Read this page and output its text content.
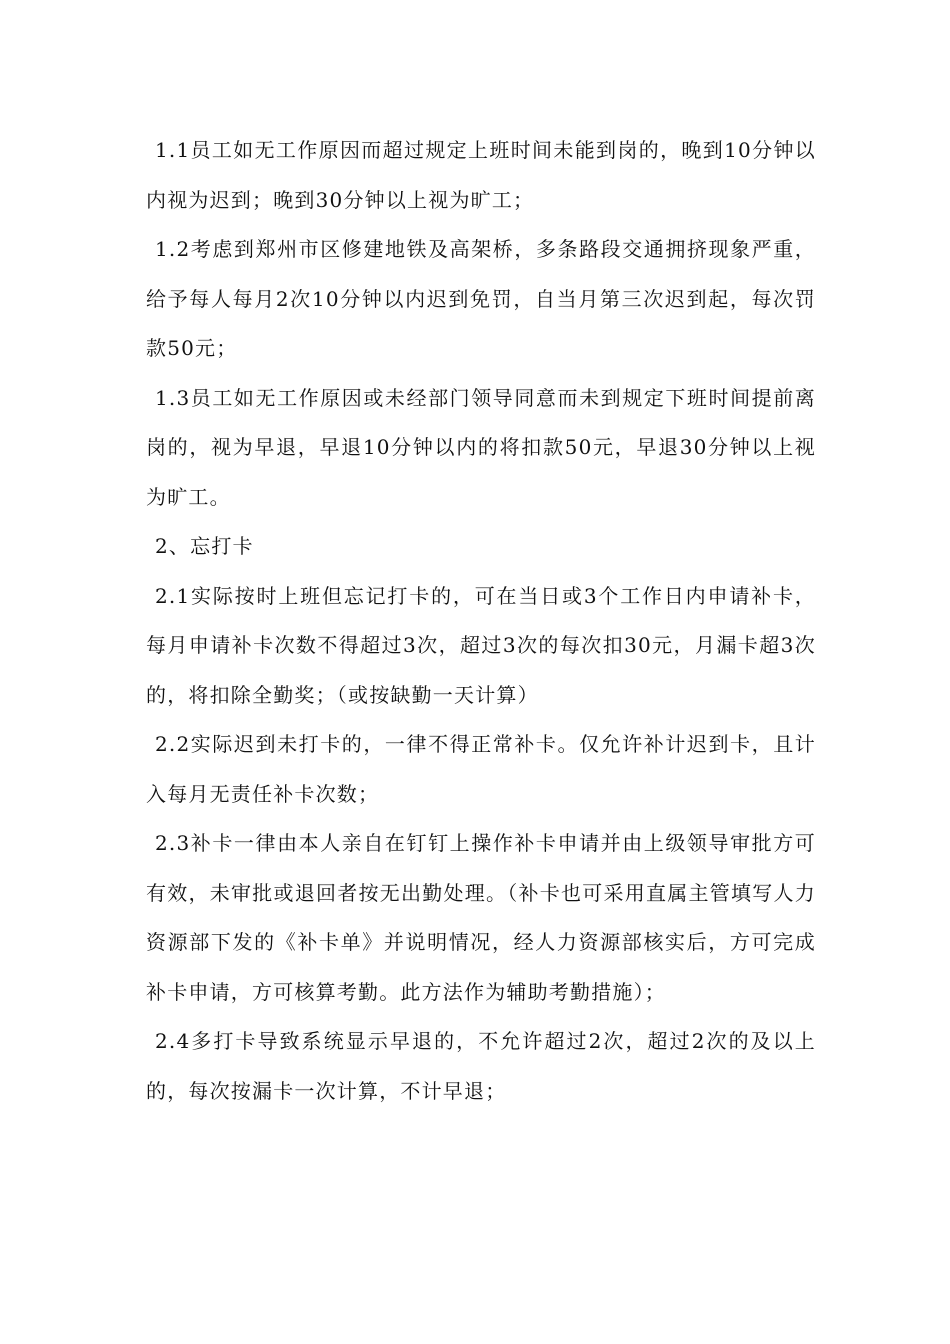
1.1员工如无工作原因而超过规定上班时间未能到岗的，晚到10分钟以内视为迟到；晚到30分钟以上视为旷工；

1.2考虑到郑州市区修建地铁及高架桥，多条路段交通拥挤现象严重，给予每人每月2次10分钟以内迟到免罚，自当月第三次迟到起，每次罚款50元；

1.3员工如无工作原因或未经部门领导同意而未到规定下班时间提前离岗的，视为早退，早退10分钟以内的将扣款50元，早退30分钟以上视为旷工。

2、忘打卡

2.1实际按时上班但忘记打卡的，可在当日或3个工作日内申请补卡，每月申请补卡次数不得超过3次，超过3次的每次扣30元，月漏卡超3次的，将扣除全勤奖；（或按缺勤一天计算）

2.2实际迟到未打卡的，一律不得正常补卡。仅允许补计迟到卡，且计入每月无责任补卡次数；

2.3补卡一律由本人亲自在钉钉上操作补卡申请并由上级领导审批方可有效，未审批或退回者按无出勤处理。（补卡也可采用直属主管填写人力资源部下发的《补卡单》并说明情况，经人力资源部核实后，方可完成补卡申请，方可核算考勤。此方法作为辅助考勤措施）；

2.4多打卡导致系统显示早退的，不允许超过2次，超过2次的及以上的，每次按漏卡一次计算，不计早退；
